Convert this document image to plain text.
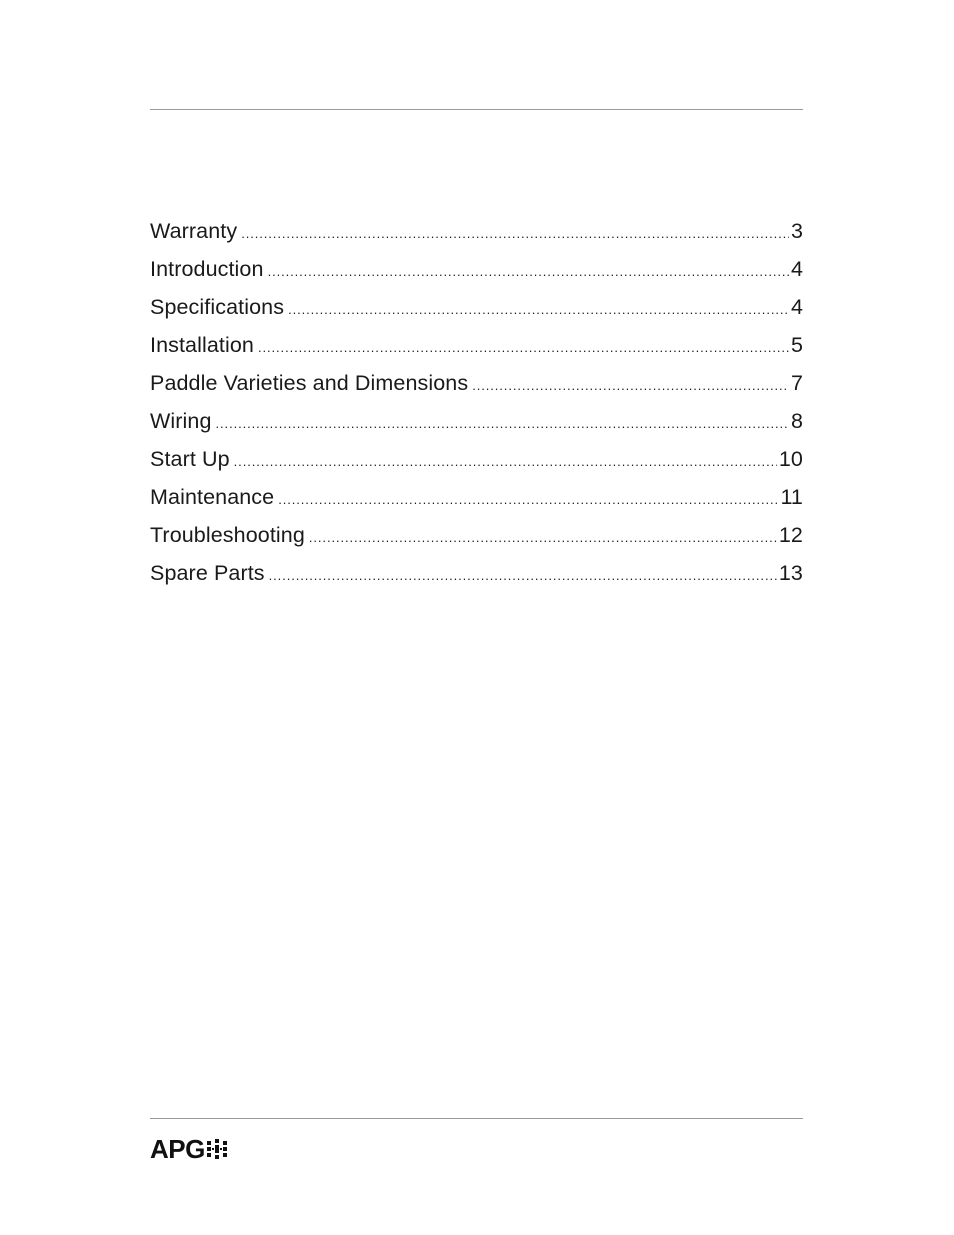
Warranty .....	3
Introduction .....	4
Specifications .....	4
Installation .....	5
Paddle Varieties and Dimensions .....	7
Wiring .....	8
Start Up .....	10
Maintenance .....	11
Troubleshooting .....	12
Spare Parts .....	13
APG
